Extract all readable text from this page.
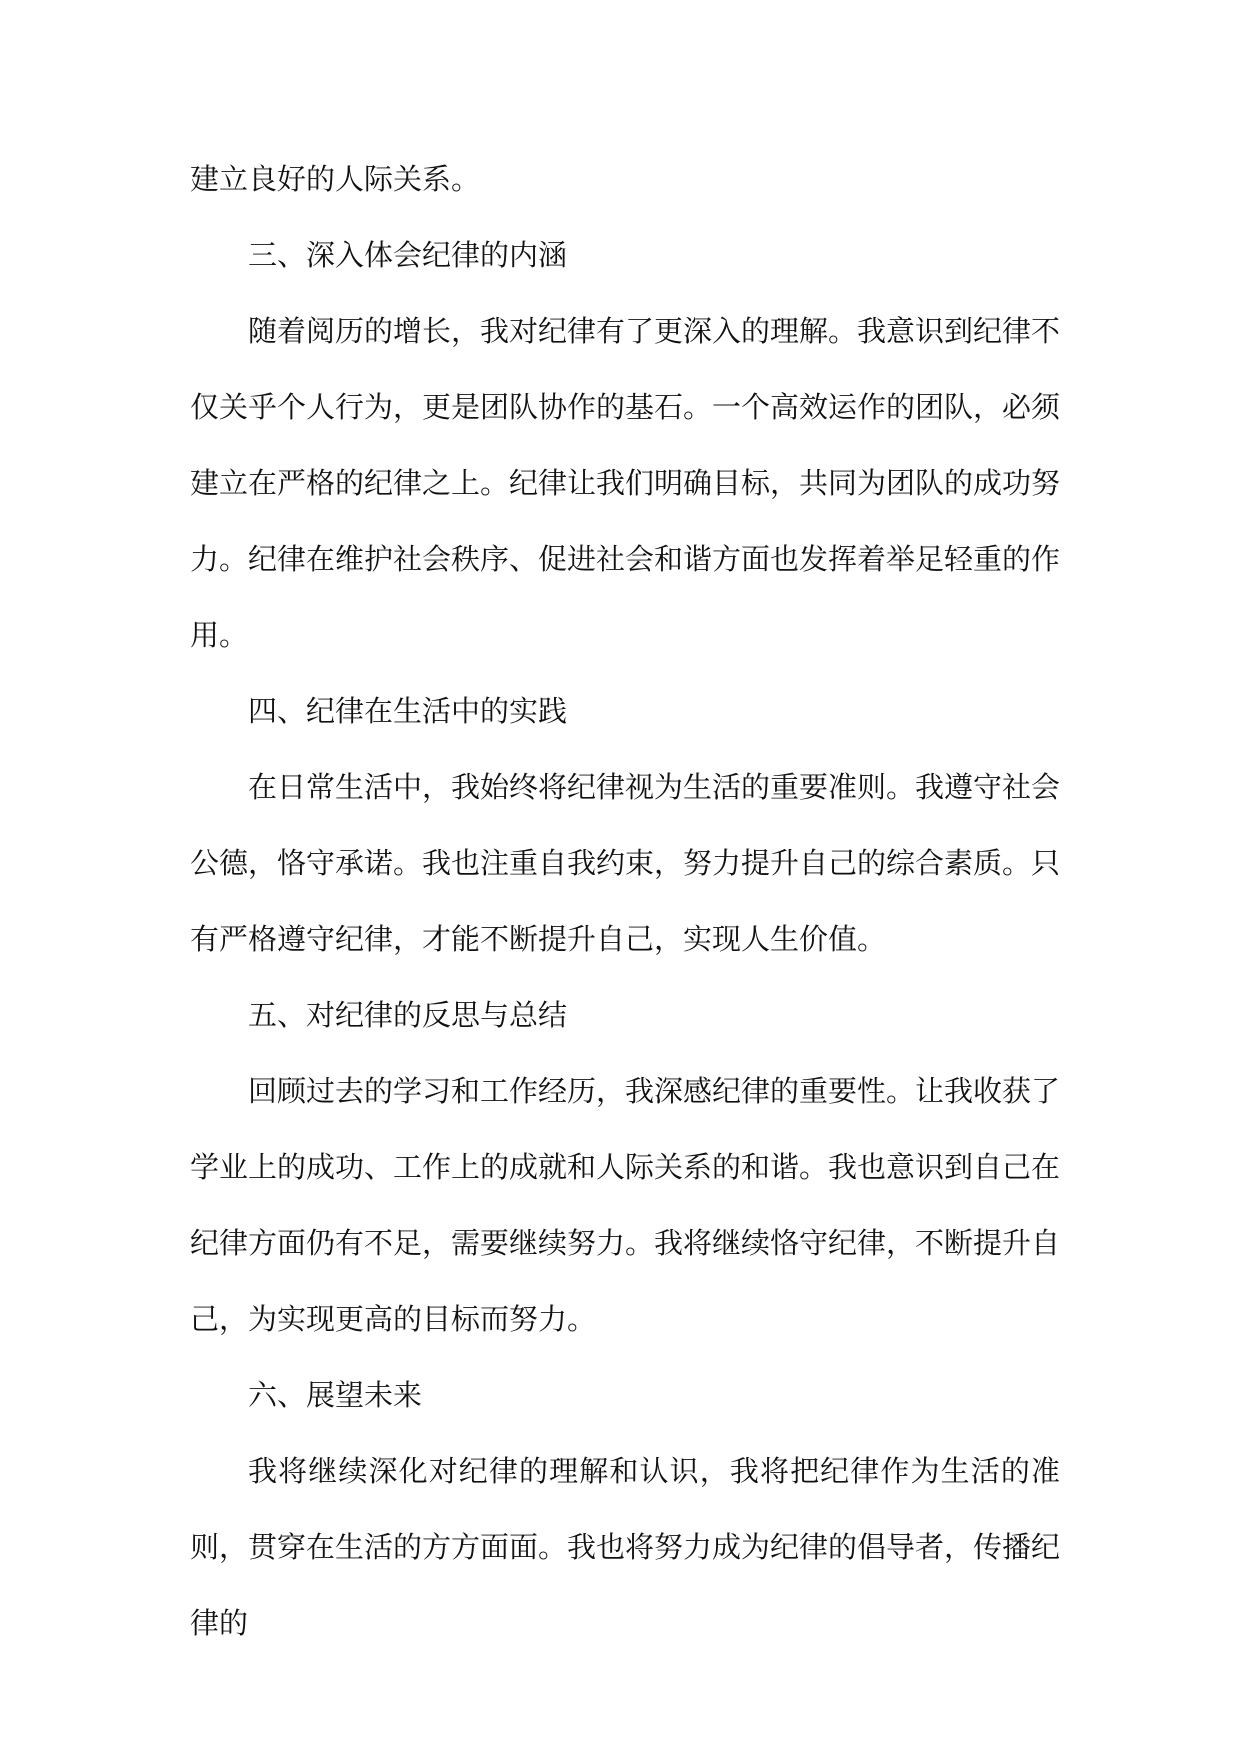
建立良好的人际关系。

三、深入体会纪律的内涵

随着阅历的增长，我对纪律有了更深入的理解。我意识到纪律不仅关乎个人行为，更是团队协作的基石。一个高效运作的团队，必须建立在严格的纪律之上。纪律让我们明确目标，共同为团队的成功努力。纪律在维护社会秩序、促进社会和谐方面也发挥着举足轻重的作用。

四、纪律在生活中的实践

在日常生活中，我始终将纪律视为生活的重要准则。我遵守社会公德，恪守承诺。我也注重自我约束，努力提升自己的综合素质。只有严格遵守纪律，才能不断提升自己，实现人生价值。

五、对纪律的反思与总结

回顾过去的学习和工作经历，我深感纪律的重要性。让我收获了学业上的成功、工作上的成就和人际关系的和谐。我也意识到自己在纪律方面仍有不足，需要继续努力。我将继续恪守纪律，不断提升自己，为实现更高的目标而努力。

六、展望未来

我将继续深化对纪律的理解和认识，我将把纪律作为生活的准则，贯穿在生活的方方面面。我也将努力成为纪律的倡导者，传播纪律的
